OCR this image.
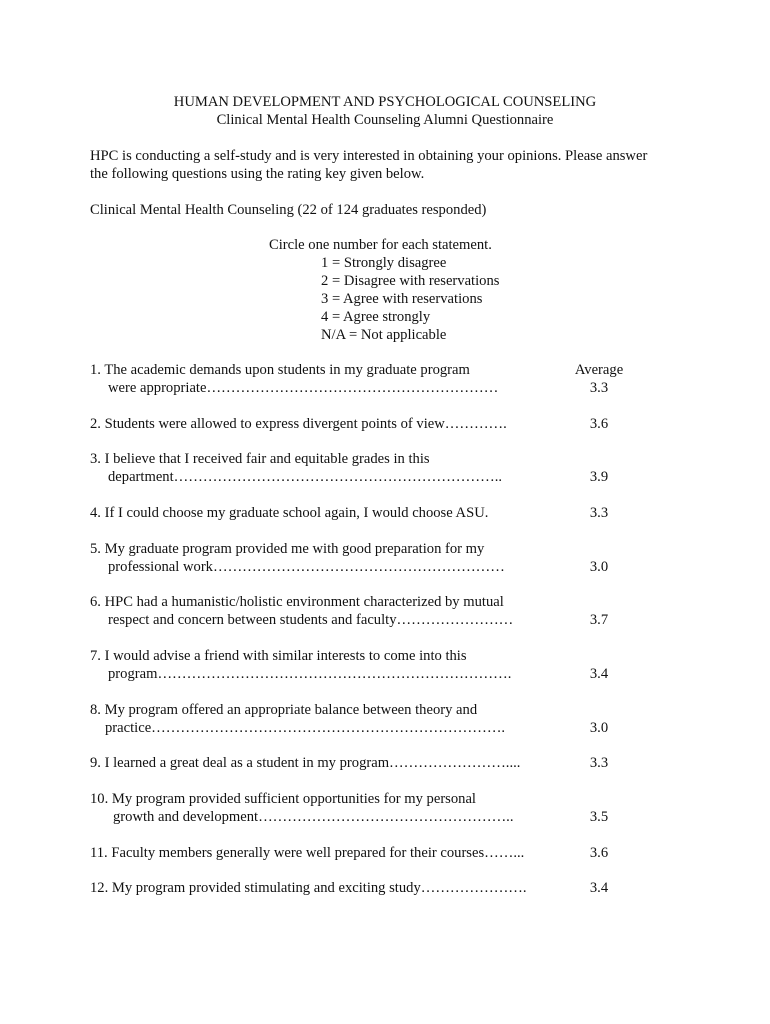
HUMAN DEVELOPMENT AND PSYCHOLOGICAL COUNSELING
Clinical Mental Health Counseling Alumni Questionnaire
HPC is conducting a self-study and is very interested in obtaining your opinions. Please answer
the following questions using the rating key given below.
Clinical Mental Health Counseling (22 of 124 graduates responded)
Circle one number for each statement.
1 = Strongly disagree
2 = Disagree with reservations
3 = Agree with reservations
4 = Agree strongly
N/A = Not applicable
Average
1. The academic demands upon students in my graduate program
were appropriate……………………………………………………	3.3
2. Students were allowed to express divergent points of view………….	3.6
3. I believe that I received fair and equitable grades in this
department…………………………………………………………..	3.9
4. If I could choose my graduate school again, I would choose ASU.	3.3
5. My graduate program provided me with good preparation for my
professional work……………………………………………………	3.0
6. HPC had a humanistic/holistic environment characterized by mutual
respect and concern between students and faculty……………………	3.7
7. I would advise a friend with similar interests to come into this
program……………………………………………………………….	3.4
8. My program offered an appropriate balance between theory and
practice……………………………………………………………….	3.0
9. I learned a great deal as a student in my program……………………....	3.3
10. My program provided sufficient opportunities for my personal
growth and development……………………………………………..	3.5
11. Faculty members generally were well prepared for their courses……...	3.6
12. My program provided stimulating and exciting study………………….	3.4
